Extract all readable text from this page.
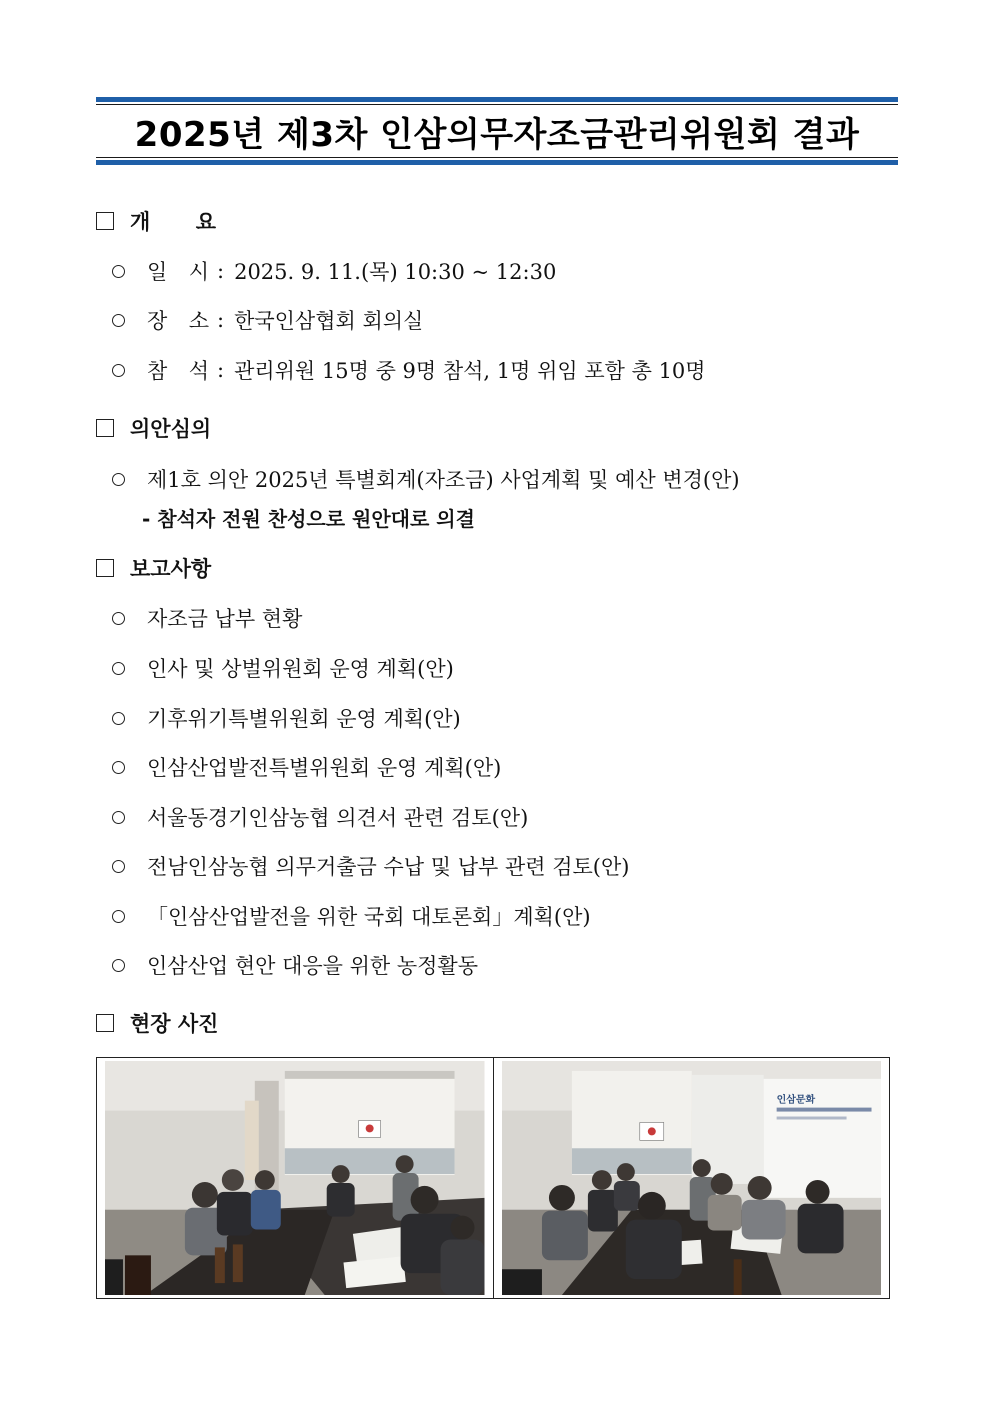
2025년 제3차 인삼의무자조금관리위원회 결과
개 요
일 시 : 2025. 9. 11.(목) 10:30 ~ 12:30
장 소 : 한국인삼협회 회의실
참 석 : 관리위원 15명 중 9명 참석, 1명 위임 포함 총 10명
의안심의
제1호 의안 2025년 특별회계(자조금) 사업계획 및 예산 변경(안)
- 참석자 전원 찬성으로 원안대로 의결
보고사항
자조금 납부 현황
인사 및 상벌위원회 운영 계획(안)
기후위기특별위원회 운영 계획(안)
인삼산업발전특별위원회 운영 계획(안)
서울동경기인삼농협 의견서 관련 검토(안)
전남인삼농협 의무거출금 수납 및 납부 관련 검토(안)
「인삼산업발전을 위한 국회 대토론회」계획(안)
인삼산업 현안 대응을 위한 농정활동
현장 사진
인삼문화
